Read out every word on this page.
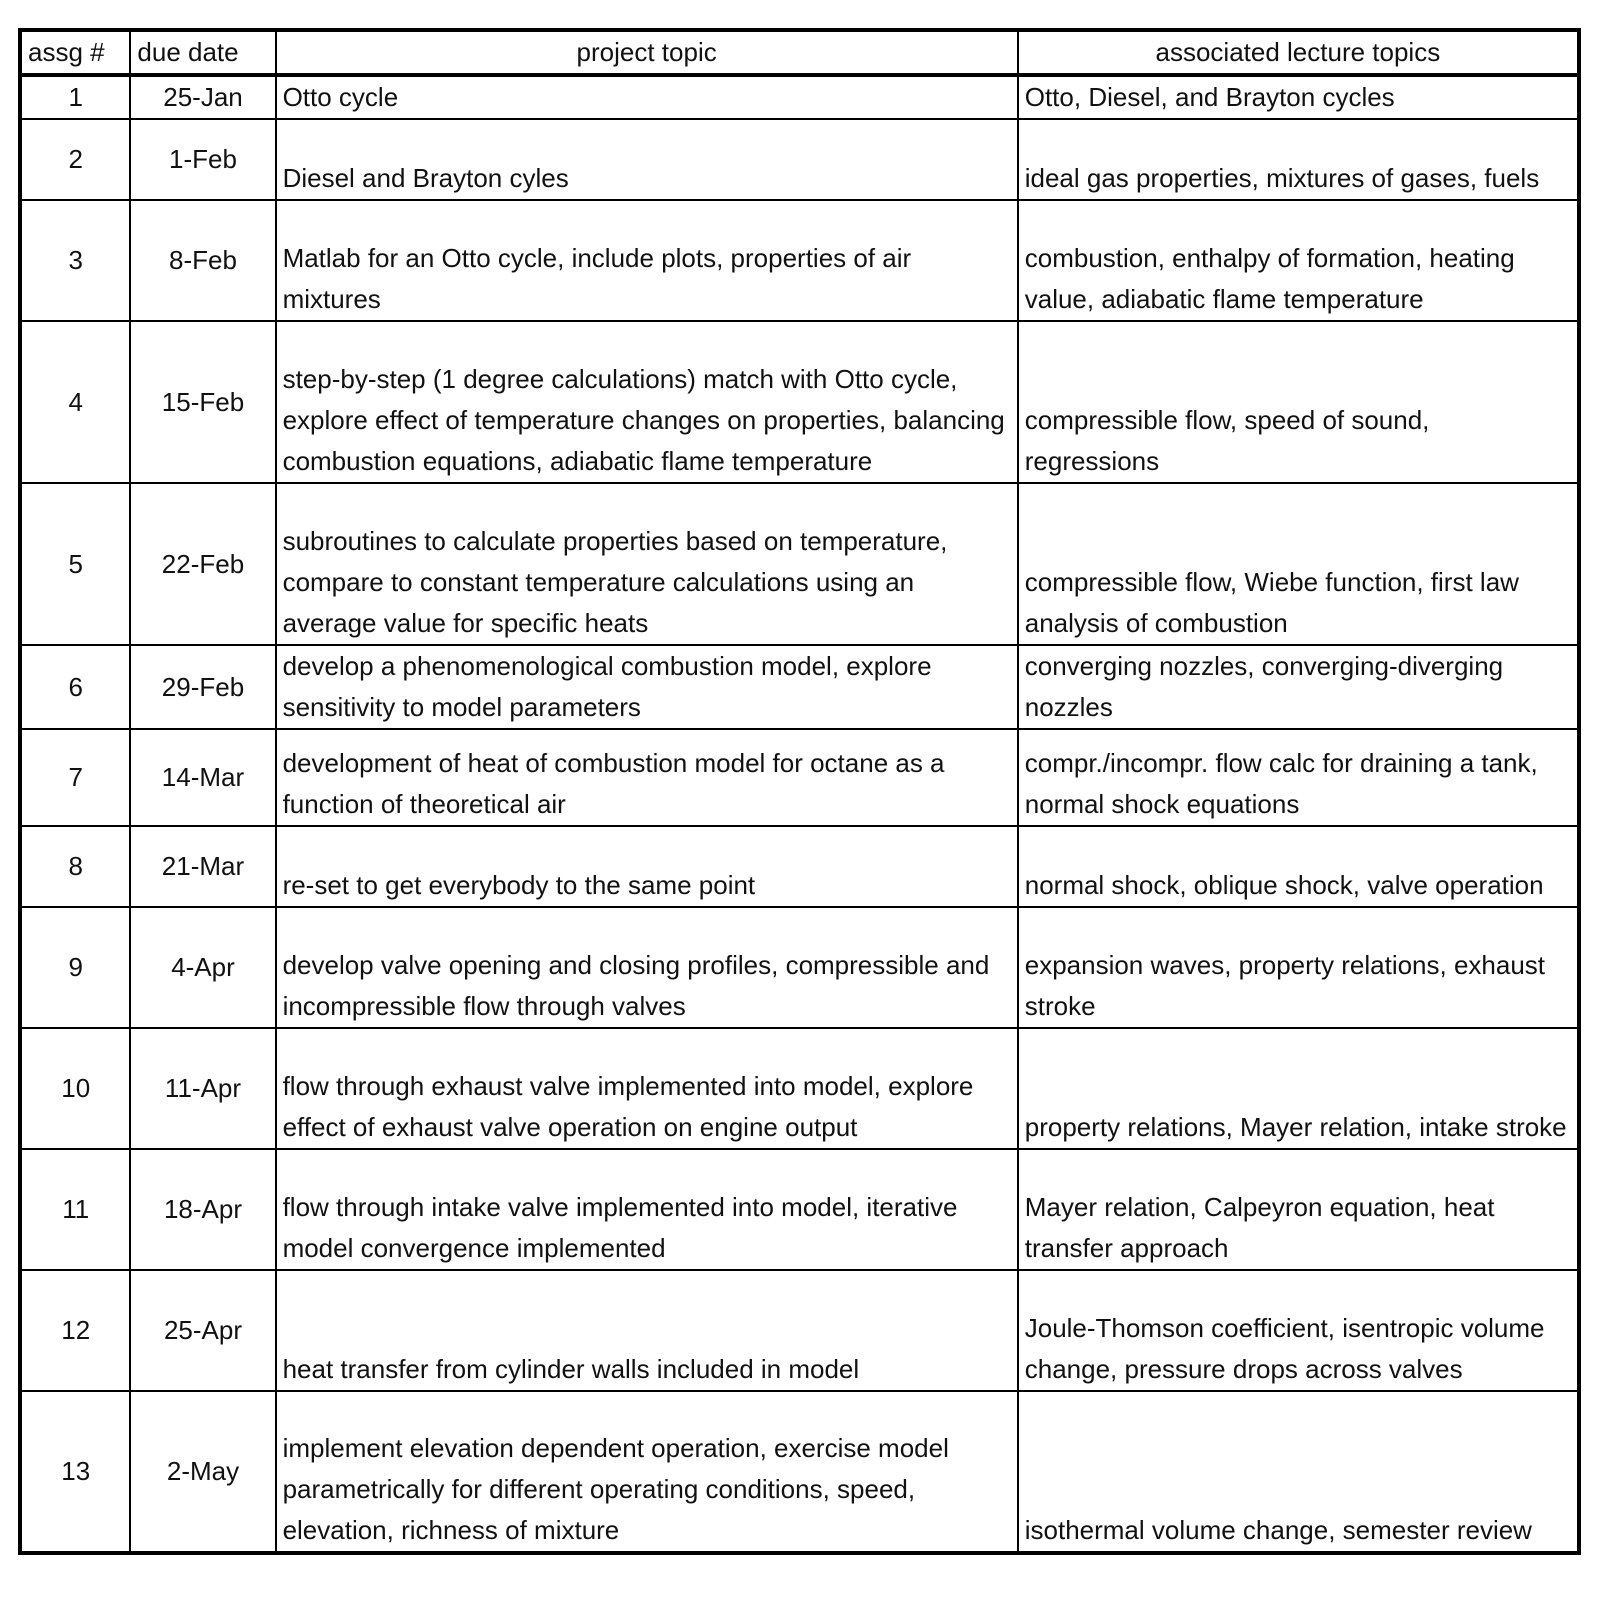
assg #	due date	project topic	associated lecture topics
1	25-Jan	Otto cycle	Otto, Diesel, and Brayton cycles
2	1-Feb	Diesel and Brayton cyles	ideal gas properties, mixtures of gases, fuels
3	8-Feb	Matlab for an Otto cycle, include plots, properties of air mixtures	combustion, enthalpy of formation, heating value, adiabatic flame temperature
4	15-Feb	step-by-step (1 degree calculations) match with Otto cycle, explore effect of temperature changes on properties, balancing combustion equations, adiabatic flame temperature	compressible flow, speed of sound, regressions
5	22-Feb	subroutines to calculate properties based on temperature, compare to constant temperature calculations using an average value for specific heats	compressible flow, Wiebe function, first law analysis of combustion
6	29-Feb	develop a phenomenological combustion model, explore sensitivity to model parameters	converging nozzles, converging-diverging nozzles
7	14-Mar	development of heat of combustion model for octane as a function of theoretical air	compr./incompr. flow calc for draining a tank, normal shock equations
8	21-Mar	re-set to get everybody to the same point	normal shock, oblique shock, valve operation
9	4-Apr	develop valve opening and closing profiles, compressible and incompressible flow through valves	expansion waves, property relations, exhaust stroke
10	11-Apr	flow through exhaust valve implemented into model, explore effect of exhaust valve operation on engine output	property relations, Mayer relation, intake stroke
11	18-Apr	flow through intake valve implemented into model, iterative model convergence implemented	Mayer relation, Calpeyron equation, heat transfer approach
12	25-Apr	heat transfer from cylinder walls included in model	Joule-Thomson coefficient, isentropic volume change, pressure drops across valves
13	2-May	implement elevation dependent operation, exercise model parametrically for different operating conditions, speed, elevation, richness of mixture	isothermal volume change, semester review
